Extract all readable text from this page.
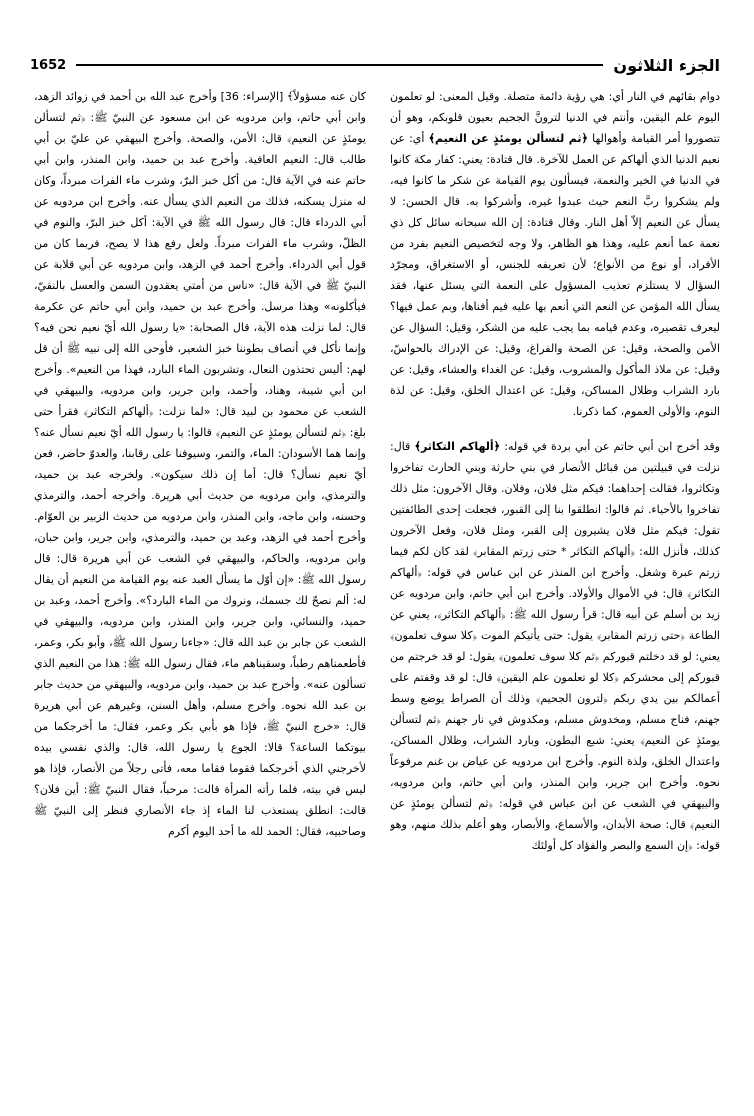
1652	الجزء الثلاثون

دوام بقائهم في النار أي: هي رؤية دائمة متصلة. وقيل المعنى: لو تعلمون اليوم علم اليقين، وأنتم في الدنيا لترونَّ الجحيم بعيون قلوبكم، وهو أن تتصوروا أمر القيامة وأهوالها ﴿ثم لتسألن يومئذٍ عن النعيم﴾ أي: عن نعيم الدنيا الذي ألهاكم عن العمل للآخرة. قال قتادة: يعني: كفار مكة كانوا في الدنيا في الخير والنعمة، فيسألون يوم القيامة عن شكر ما كانوا فيه، ولم يشكروا ربَّ النعم حيث عبدوا غيره، وأشركوا به. قال الحسن: لا يسأل عن النعيم إلاّ أهل النار. وقال قتادة: إن الله سبحانه سائل كل ذي نعمة عما أنعم عليه، وهذا هو الظاهر، ولا وجه لتخصيص النعيم بفرد من الأفراد، أو نوع من الأنواع؛ لأن تعريفه للجنس، أو الاستغراق، ومجرّد السؤال لا يستلزم تعذيب المسؤول على النعمة التي يسئل عنها، فقد يسأل الله المؤمن عن النعم التي أنعم بها عليه فيم أفناها، وبم عمل فيها؟ ليعرف تقصيره، وعدم قيامه بما يجب عليه من الشكر، وقيل: السؤال عن الأمن والصحة، وقيل: عن الصحة والفراغ، وقيل: عن الإدراك بالحواسّ، وقيل: عن ملاذ المأكول والمشروب، وقيل: عن الغداء والعشاء، وقيل: عن بارد الشراب وظلال المساكن، وقيل: عن اعتدال الخلق، وقيل: عن لذة النوم، والأولى العموم، كما ذكرنا.

وقد أخرج ابن أبي حاتم عن أبي بردة في قوله: ﴿ألهاكم التكاثر﴾ قال: نزلت في قبيلتين من قبائل الأنصار في بني حارثة وبني الحارث تفاخروا وتكاثروا، فقالت إحداهما: فيكم مثل فلان، وفلان. وقال الآخرون: مثل ذلك تفاخروا بالأحياء. ثم قالوا: انطلقوا بنا إلى القبور، فجعلت إحدى الطائفتين تقول: فيكم مثل فلان يشيرون إلى القبر، ومثل فلان، وفعل الآخرون كذلك، فأنزل الله: ﴿ألهاكم التكاثر * حتى زرتم المقابر﴾ لقد كان لكم فيما زرتم عبرة وشغل. وأخرج ابن المنذر عن ابن عباس في قوله: ﴿ألهاكم التكاثر﴾ قال: في الأموال والأولاد. وأخرج ابن أبي حاتم، وابن مردويه عن زيد بن أسلم عن أبيه قال: قرأ رسول الله ﷺ: ﴿ألهاكم التكاثر﴾، يعني عن الطاعة ﴿حتى زرتم المقابر﴾ يقول: حتى يأتيكم الموت ﴿كلا سوف تعلمون﴾ يعني: لو قد دخلتم قبوركم ﴿ثم كلا سوف تعلمون﴾ يقول: لو قد خرجتم من قبوركم إلى محشركم ﴿كلا لو تعلمون علم اليقين﴾ قال: لو قد وقفتم على أعمالكم بين يدي ربكم ﴿لترون الجحيم﴾ وذلك أن الصراط يوضع وسط جهنم، فناج مسلم، ومخدوش مسلم، ومكدوش في نار جهنم ﴿ثم لتسألن يومئذٍ عن النعيم﴾ يعني: شبع البطون، وبارد الشراب، وظلال المساكن، واعتدال الخلق، ولذة النوم. وأخرج ابن مردويه عن عياض بن غنم مرفوعاً نحوه. وأخرج ابن جرير، وابن المنذر، وابن أبي حاتم، وابن مردويه، والبيهقي في الشعب عن ابن عباس في قوله: ﴿ثم لتسألن يومئذٍ عن النعيم﴾ قال: صحة الأبدان، والأسماع، والأبصار، وهو أعلم بذلك منهم، وهو قوله: ﴿إن السمع والبصر والفؤاد كل أولئك

كان عنه مسؤولاً﴾ [الإسراء: 36] وأخرج عبد الله بن أحمد في زوائد الزهد، وابن أبي حاتم، وابن مردويه عن ابن مسعود عن النبيّ ﷺ: ﴿ثم لتسألن يومئذٍ عن النعيم﴾ قال: الأمن، والصحة. وأخرج البيهقي عن عليّ بن أبي طالب قال: النعيم العافية. وأخرج عبد بن حميد، وابن المنذر، وابن أبي حاتم عنه في الآية قال: من أكل خبز البرّ، وشرب ماء الفرات مبرداً، وكان له منزل يسكنه، فذلك من النعيم الذي يسأل عنه. وأخرج ابن مردويه عن أبي الدرداء قال: قال رسول الله ﷺ في الآية: أكل خبز البرّ، والنوم في الظلّ، وشرب ماء الفرات مبرداً. ولعل رفع هذا لا يصح، فربما كان من قول أبي الدرداء. وأخرج أحمد في الزهد، وابن مردويه عن أبي قلابة عن النبيّ ﷺ في الآية قال: «ناس من أمتي يعقدون السمن والعسل بالنقيّ، فيأكلونه» وهذا مرسل. وأخرج عبد بن حميد، وابن أبي حاتم عن عكرمة قال: لما نزلت هذه الآية، قال الصحابة: «يا رسول الله أيّ نعيم نحن فيه؟ وإنما نأكل في أنصاف بطوننا خبز الشعير، فأوحى الله إلى نبيه ﷺ أن قل لهم: أليس تحتذون النعال، وتشربون الماء البارد، فهذا من النعيم». وأخرج ابن أبي شيبة، وهناد، وأحمد، وابن جرير، وابن مردويه، والبيهقي في الشعب عن محمود بن لبيد قال: «لما نزلت: ﴿ألهاكم التكاثر﴾ فقرأ حتى بلغ: ﴿ثم لتسألن يومئذٍ عن النعيم﴾ قالوا: يا رسول الله أيّ نعيم نسأل عنه؟ وإنما هما الأسودان: الماء، والتمر، وسيوفنا على رقابنا، والعدوّ حاضر، فعن أيّ نعيم نسأل؟ قال: أما إن ذلك سيكون». ولخرجه عبد بن حميد، والترمذي، وابن مردويه من حديث أبي هريرة. وأخرجه أحمد، والترمذي وحسنه، وابن ماجه، وابن المنذر، وابن مردويه من حديث الزبير بن العوّام. وأخرج أحمد في الزهد، وعبد بن حميد، والترمذي، وابن جرير، وابن حبان، وابن مردويه، والحاكم، والبيهقي في الشعب عن أبي هريرة قال: قال رسول الله ﷺ: «إن أوّل ما يسأل العبد عنه يوم القيامة من النعيم أن يقال له: ألم نصحّ لك جسمك، ونروك من الماء البارد؟». وأخرج أحمد، وعبد بن حميد، والنسائي، وابن جرير، وابن المنذر، وابن مردويه، والبيهقي في الشعب عن جابر بن عبد الله قال: «جاءنا رسول الله ﷺ، وأبو بكر، وعمر، فأطعمناهم رطباً، وسقيناهم ماء، فقال رسول الله ﷺ: هذا من النعيم الذي تسألون عنه». وأخرج عبد بن حميد، وابن مردويه، والبيهقي من حديث جابر بن عبد الله نحوه. وأخرج مسلم، وأهل السنن، وغيرهم عن أبي هريرة قال: «خرج النبيّ ﷺ، فإذا هو بأبي بكر وعمر، فقال: ما أخرجكما من بيوتكما الساعة؟ قالا: الجوع يا رسول الله، قال: والذي نفسي بيده لأخرجني الذي أخرجكما فقوما فقاما معه، فأتى رجلاً من الأنصار، فإذا هو ليس في بيته، فلما رأته المرأة قالت: مرحباً، فقال النبيّ ﷺ: أين فلان؟ قالت: انطلق يستعذب لنا الماء إذ جاء الأنصاري فنظر إلى النبيّ ﷺ وصاحبيه، فقال: الحمد لله ما أحد اليوم أكرم
